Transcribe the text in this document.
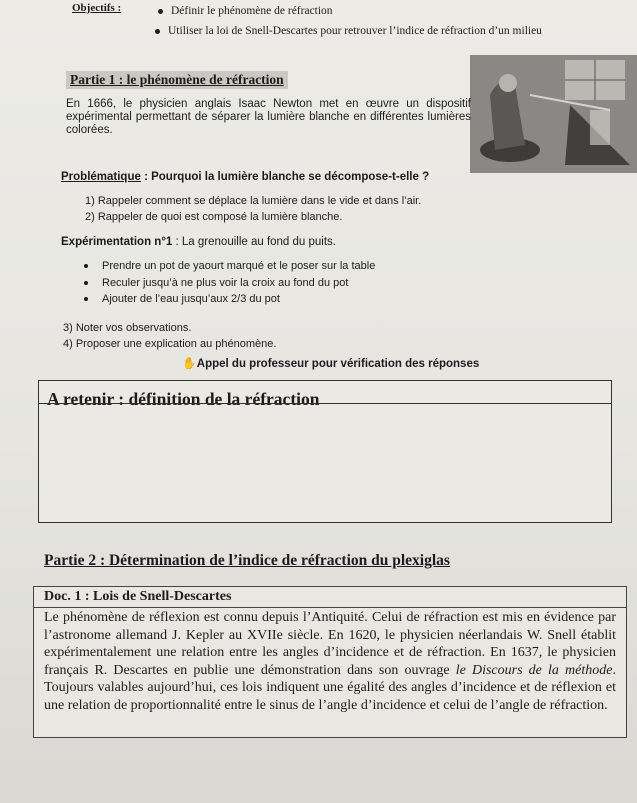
Objectifs :	Définir le phénomène de réfraction
Utiliser la loi de Snell-Descartes pour retrouver l’indice de réfraction d’un milieu
Partie 1 : le phénomène de réfraction
En 1666, le physicien anglais Isaac Newton met en œuvre un dispositif expérimental permettant de séparer la lumière blanche en différentes lumières colorées.
Problématique : Pourquoi la lumière blanche se décompose-t-elle ?
1) Rappeler comment se déplace la lumière dans le vide et dans l’air.
2) Rappeler de quoi est composé la lumière blanche.
Expérimentation n°1 : La grenouille au fond du puits.
Prendre un pot de yaourt marqué et le poser sur la table
Reculer jusqu’à ne plus voir la croix au fond du pot
Ajouter de l’eau jusqu’aux 2/3 du pot
3) Noter vos observations.
4) Proposer une explication au phénomène.
✋ Appel du professeur pour vérification des réponses
A retenir : définition de la réfraction
Partie 2 : Détermination de l’indice de réfraction du plexiglas
Doc. 1 : Lois de Snell-Descartes
Le phénomène de réflexion est connu depuis l’Antiquité. Celui de réfraction est mis en évidence par l’astronome allemand J. Kepler au XVIIe siècle. En 1620, le physicien néerlandais W. Snell établit expérimentalement une relation entre les angles d’incidence et de réfraction. En 1637, le physicien français R. Descartes en publie une démonstration dans son ouvrage le Discours de la méthode. Toujours valables aujourd’hui, ces lois indiquent une égalité des angles d’incidence et de réflexion et une relation de proportionnalité entre le sinus de l’angle d’incidence et celui de l’angle de réfraction.
